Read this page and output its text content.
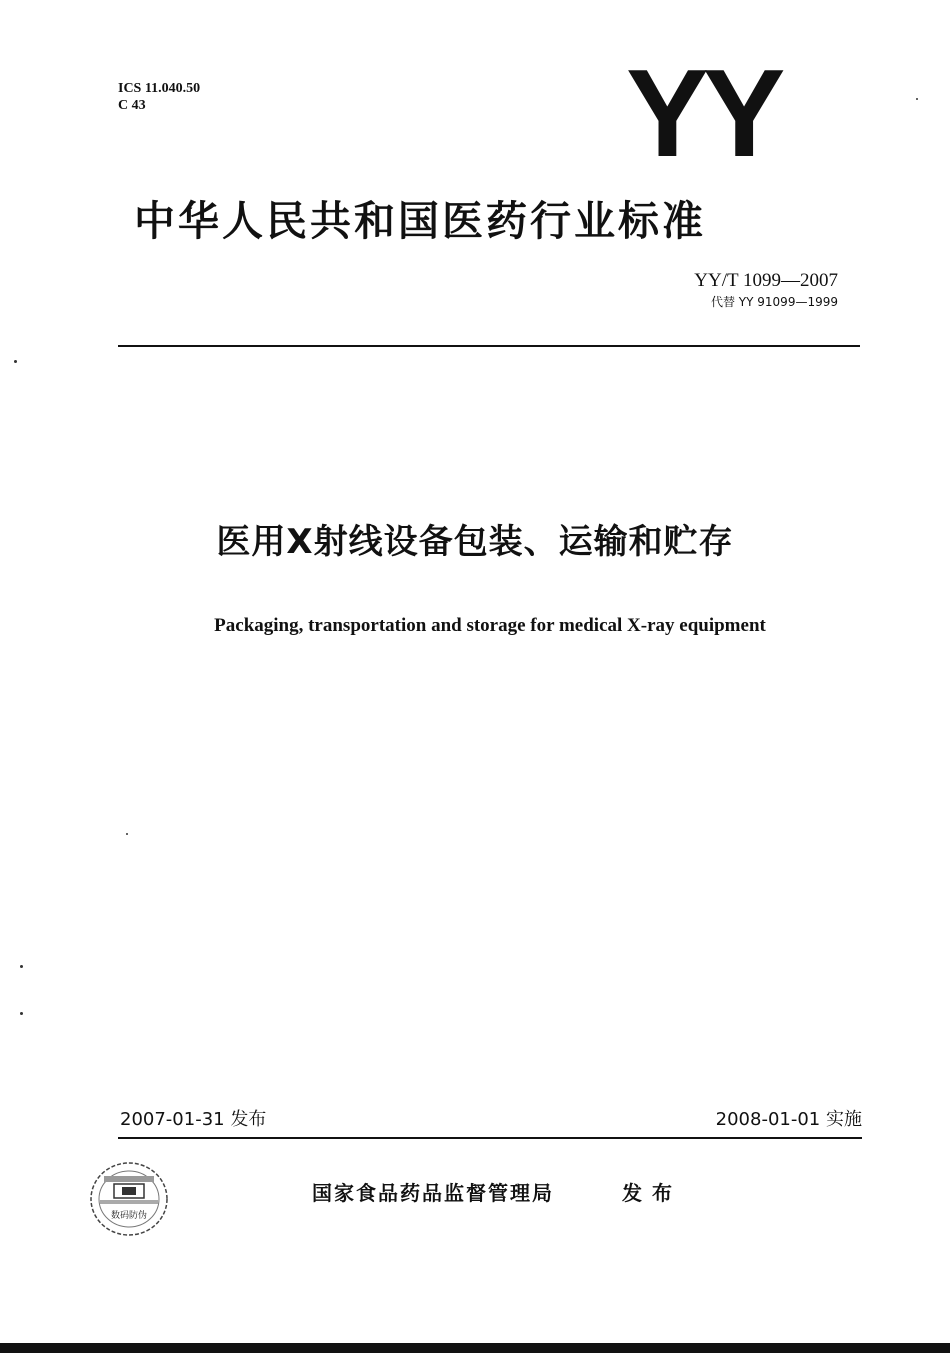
ICS 11.040.50
C 43	YY
中华人民共和国医药行业标准
YY/T 1099—2007
代替 YY 91099—1999
医用X射线设备包装、运输和贮存
Packaging, transportation and storage for medical X-ray equipment
2007-01-31 发布	2008-01-01 实施
数码防伪
国家食品药品监督管理局	发布
